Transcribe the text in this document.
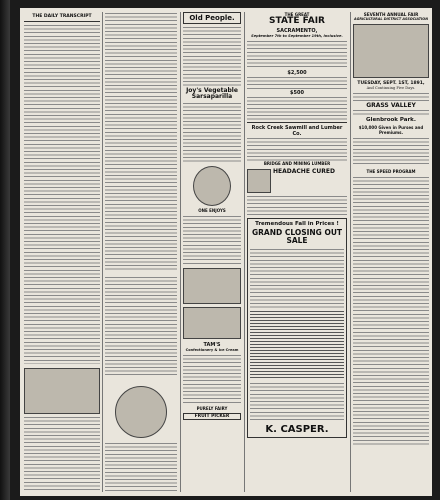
THE DAILY TRANSCRIPT	Old People.
Joy's Vegetable Sarsaparilla
ONE ENJOYS
TAM'S
Confectionery & Ice Cream
PURELY FAIRY
FRUIT PICKER
THE GREAT
STATE FAIR
SACRAMENTO,
September 7th to September 19th, Inclusive.
$2,500
$500
Rock Creek Sawmill and Lumber Co.
BRIDGE AND MINING LUMBER
HEADACHE CURED
Tremendous Fall in Prices !
GRAND CLOSING OUT SALE
K. CASPER.
SEVENTH ANNUAL FAIR
AGRICULTURAL DISTRICT ASSOCIATION
TUESDAY, SEPT. 1ST, 1891,
And Continuing Five Days.
GRASS VALLEY
Glenbrook Park.
$10,000 Given in Purses and Premiums.
THE SPEED PROGRAM
